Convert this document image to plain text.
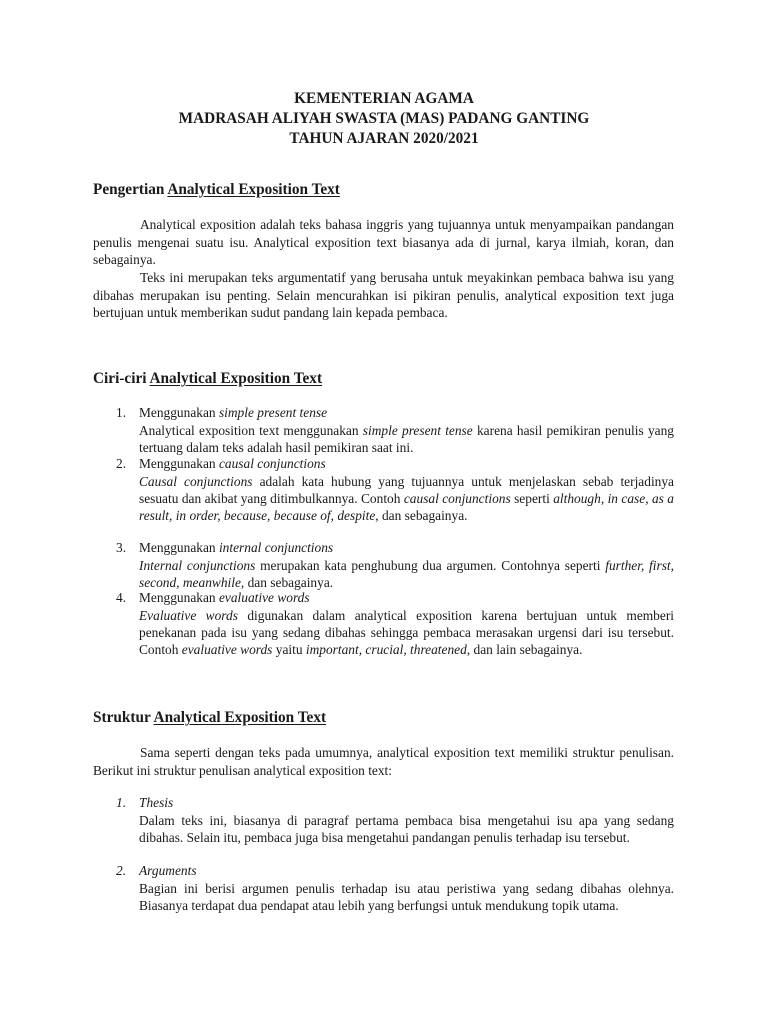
KEMENTERIAN AGAMA
MADRASAH ALIYAH SWASTA (MAS) PADANG GANTING
TAHUN AJARAN 2020/2021
Pengertian Analytical Exposition Text

Analytical exposition adalah teks bahasa inggris yang tujuannya untuk menyampaikan pandangan penulis mengenai suatu isu. Analytical exposition text biasanya ada di jurnal, karya ilmiah, koran, dan sebagainya.

Teks ini merupakan teks argumentatif yang berusaha untuk meyakinkan pembaca bahwa isu yang dibahas merupakan isu penting. Selain mencurahkan isi pikiran penulis, analytical exposition text juga bertujuan untuk memberikan sudut pandang lain kepada pembaca.

Ciri-ciri Analytical Exposition Text
1. Menggunakan simple present tense
Analytical exposition text menggunakan simple present tense karena hasil pemikiran penulis yang tertuang dalam teks adalah hasil pemikiran saat ini.
2. Menggunakan causal conjunctions
Causal conjunctions adalah kata hubung yang tujuannya untuk menjelaskan sebab terjadinya sesuatu dan akibat yang ditimbulkannya. Contoh causal conjunctions seperti although, in case, as a result, in order, because, because of, despite, dan sebagainya.
3. Menggunakan internal conjunctions
Internal conjunctions merupakan kata penghubung dua argumen. Contohnya seperti further, first, second, meanwhile, dan sebagainya.
4. Menggunakan evaluative words
Evaluative words digunakan dalam analytical exposition karena bertujuan untuk memberi penekanan pada isu yang sedang dibahas sehingga pembaca merasakan urgensi dari isu tersebut. Contoh evaluative words yaitu important, crucial, threatened, dan lain sebagainya.
Struktur Analytical Exposition Text

Sama seperti dengan teks pada umumnya, analytical exposition text memiliki struktur penulisan. Berikut ini struktur penulisan analytical exposition text:

1. Thesis
Dalam teks ini, biasanya di paragraf pertama pembaca bisa mengetahui isu apa yang sedang dibahas. Selain itu, pembaca juga bisa mengetahui pandangan penulis terhadap isu tersebut.
2. Arguments
Bagian ini berisi argumen penulis terhadap isu atau peristiwa yang sedang dibahas olehnya. Biasanya terdapat dua pendapat atau lebih yang berfungsi untuk mendukung topik utama.
